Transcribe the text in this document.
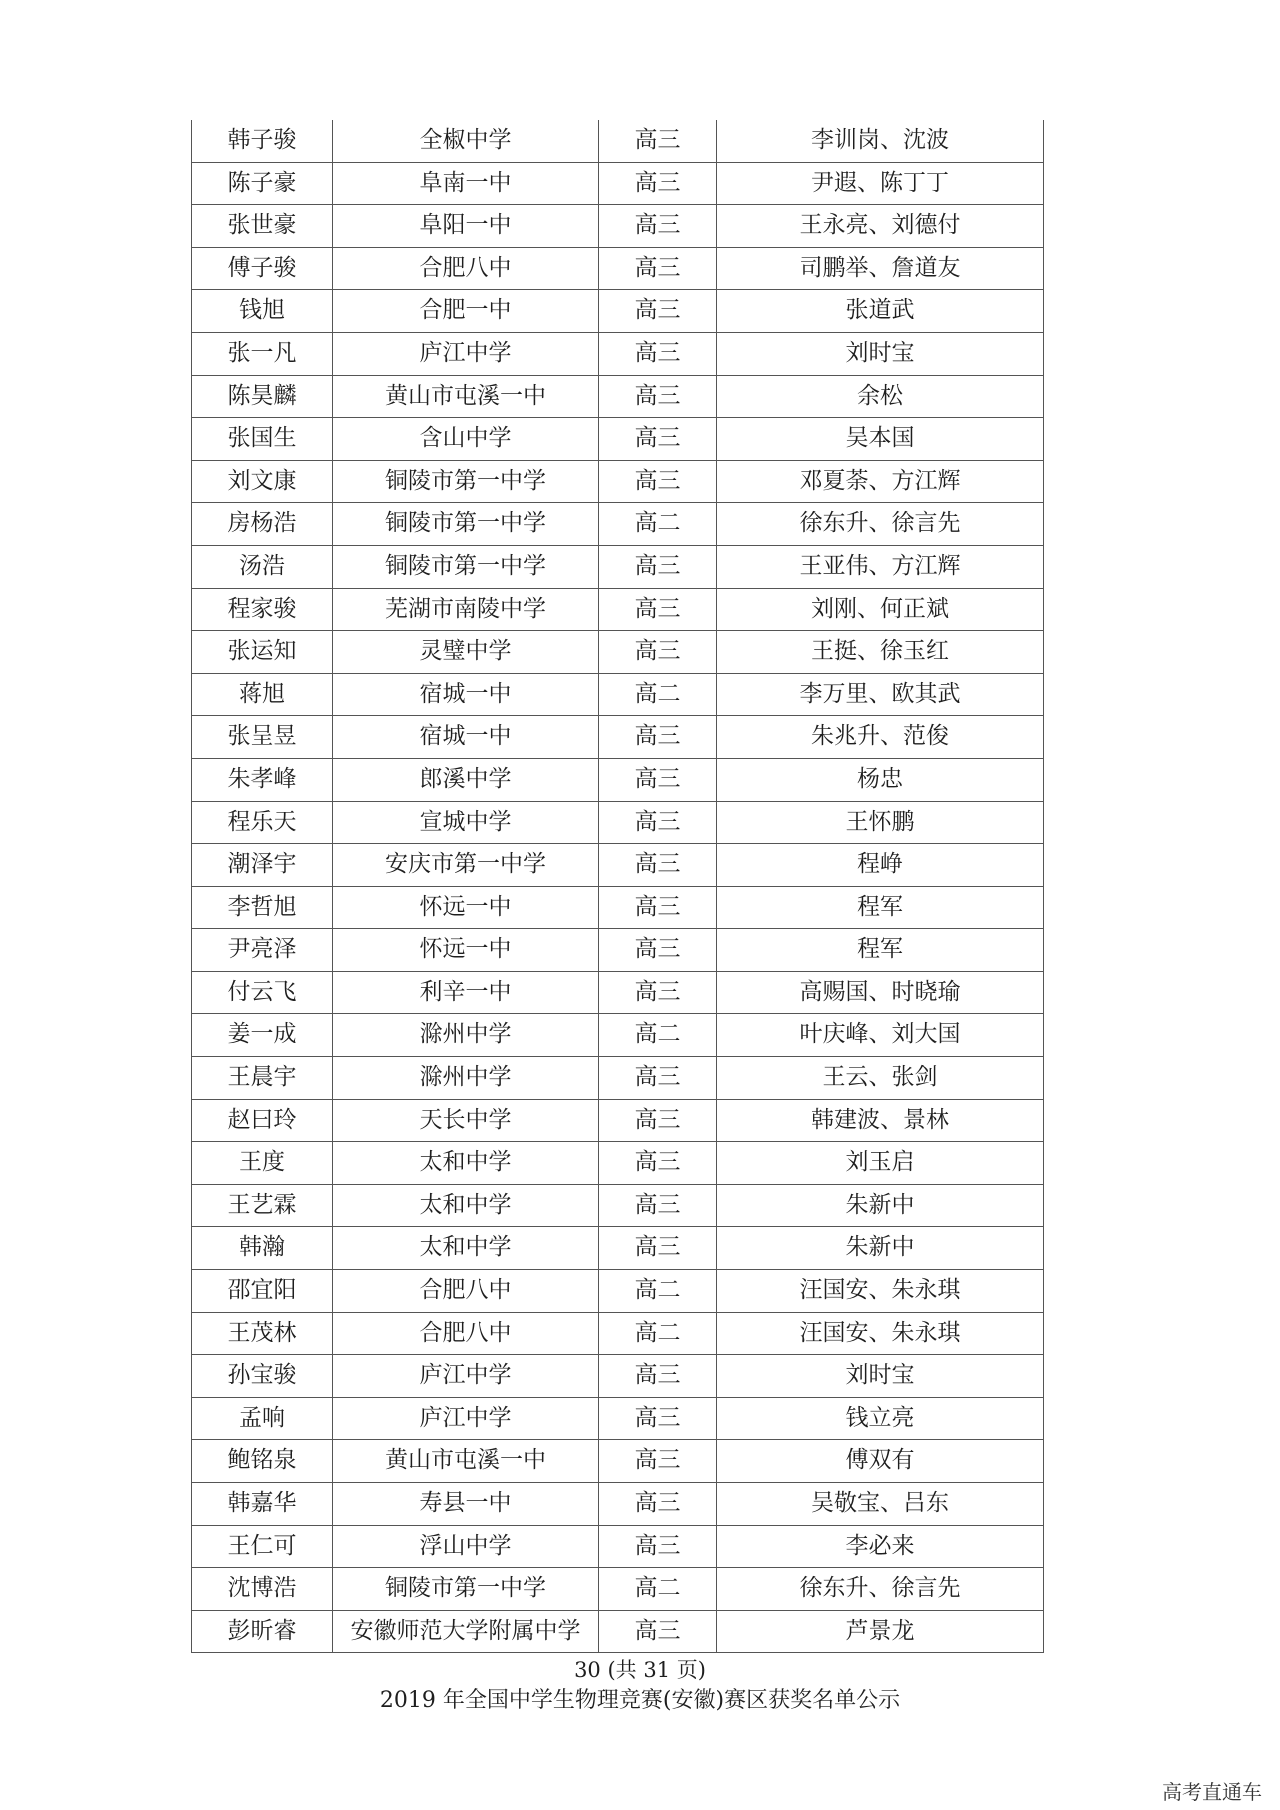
韩子骏	全椒中学	高三	李训岗、沈波
陈子豪	阜南一中	高三	尹遐、陈丁丁
张世豪	阜阳一中	高三	王永亮、刘德付
傅子骏	合肥八中	高三	司鹏举、詹道友
钱旭	合肥一中	高三	张道武
张一凡	庐江中学	高三	刘时宝
陈昊麟	黄山市屯溪一中	高三	余松
张国生	含山中学	高三	吴本国
刘文康	铜陵市第一中学	高三	邓夏荼、方江辉
房杨浩	铜陵市第一中学	高二	徐东升、徐言先
汤浩	铜陵市第一中学	高三	王亚伟、方江辉
程家骏	芜湖市南陵中学	高三	刘刚、何正斌
张运知	灵璧中学	高三	王挺、徐玉红
蒋旭	宿城一中	高二	李万里、欧其武
张呈昱	宿城一中	高三	朱兆升、范俊
朱孝峰	郎溪中学	高三	杨忠
程乐天	宣城中学	高三	王怀鹏
潮泽宇	安庆市第一中学	高三	程峥
李哲旭	怀远一中	高三	程军
尹亮泽	怀远一中	高三	程军
付云飞	利辛一中	高三	高赐国、时晓瑜
姜一成	滁州中学	高二	叶庆峰、刘大国
王晨宇	滁州中学	高三	王云、张剑
赵曰玲	天长中学	高三	韩建波、景林
王度	太和中学	高三	刘玉启
王艺霖	太和中学	高三	朱新中
韩瀚	太和中学	高三	朱新中
邵宜阳	合肥八中	高二	汪国安、朱永琪
王茂林	合肥八中	高二	汪国安、朱永琪
孙宝骏	庐江中学	高三	刘时宝
孟响	庐江中学	高三	钱立亮
鲍铭泉	黄山市屯溪一中	高三	傅双有
韩嘉华	寿县一中	高三	吴敬宝、吕东
王仁可	浮山中学	高三	李必来
沈博浩	铜陵市第一中学	高二	徐东升、徐言先
彭昕睿	安徽师范大学附属中学	高三	芦景龙
30 (共 31 页)
2019 年全国中学生物理竞赛(安徽)赛区获奖名单公示
高考直通车
